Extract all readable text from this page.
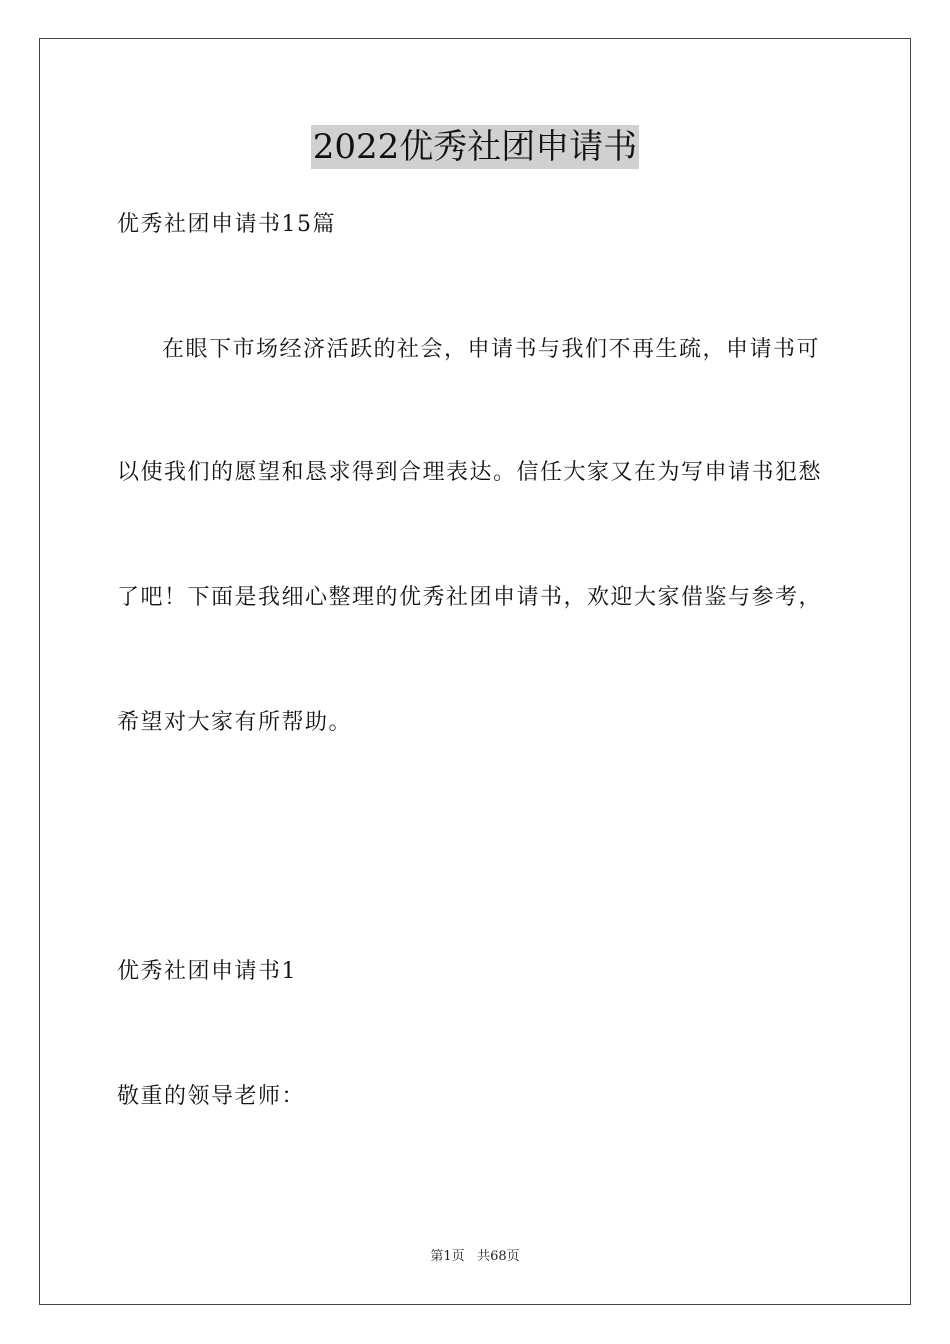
2022优秀社团申请书
优秀社团申请书15篇
在眼下市场经济活跃的社会，申请书与我们不再生疏，申请书可
以使我们的愿望和恳求得到合理表达。信任大家又在为写申请书犯愁
了吧！下面是我细心整理的优秀社团申请书，欢迎大家借鉴与参考，
希望对大家有所帮助。
优秀社团申请书1
敬重的领导老师：
第1页 共68页
